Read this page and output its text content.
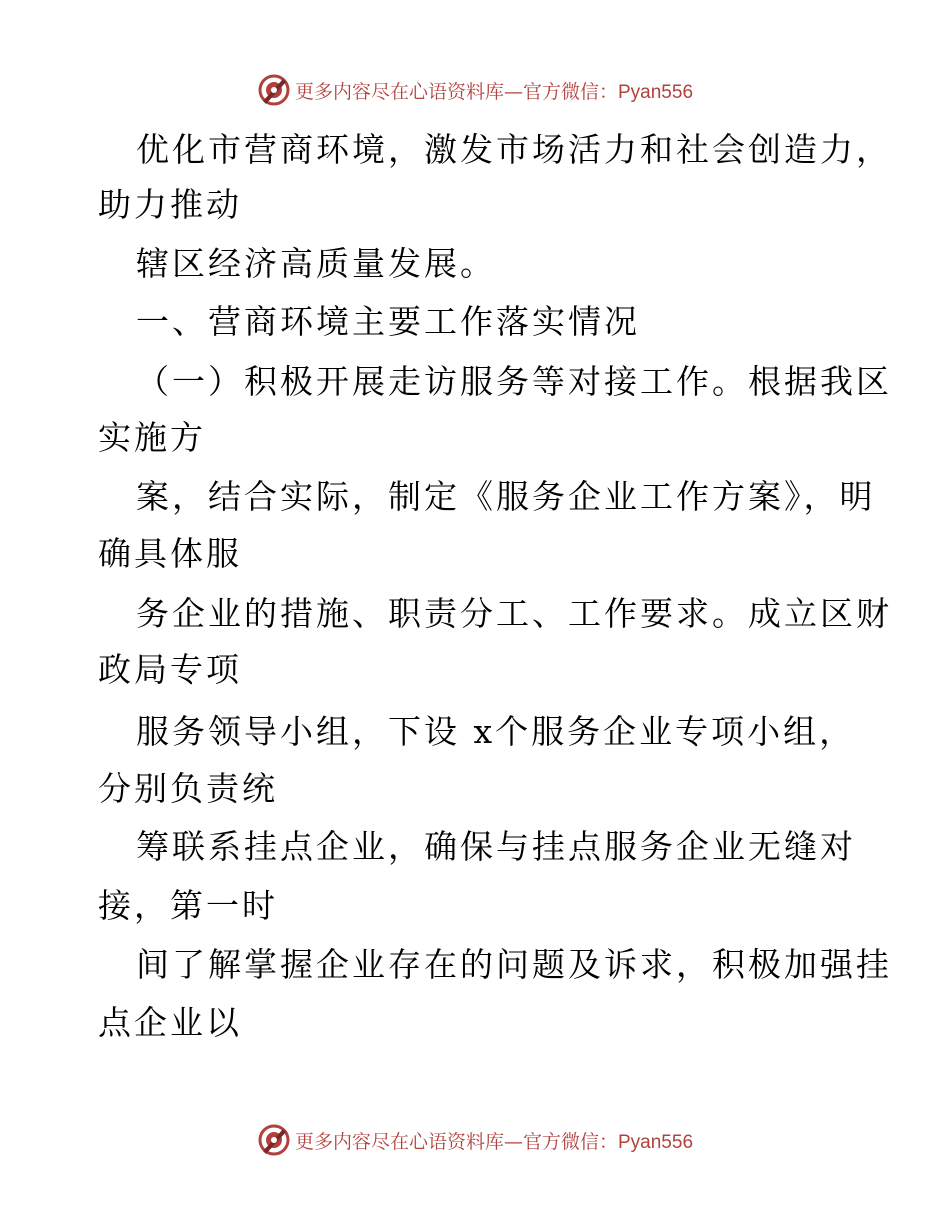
更多内容尽在心语资料库—官方微信：Pyan556
优化市营商环境，激发市场活力和社会创造力，
助力推动
辖区经济高质量发展。
一、营商环境主要工作落实情况
（一）积极开展走访服务等对接工作。根据我区
实施方
案，结合实际，制定《服务企业工作方案》，明
确具体服
务企业的措施、职责分工、工作要求。成立区财
政局专项
服务领导小组，下设 x个服务企业专项小组，
分别负责统
筹联系挂点企业，确保与挂点服务企业无缝对
接，第一时
间了解掌握企业存在的问题及诉求，积极加强挂
点企业以
更多内容尽在心语资料库—官方微信：Pyan556
